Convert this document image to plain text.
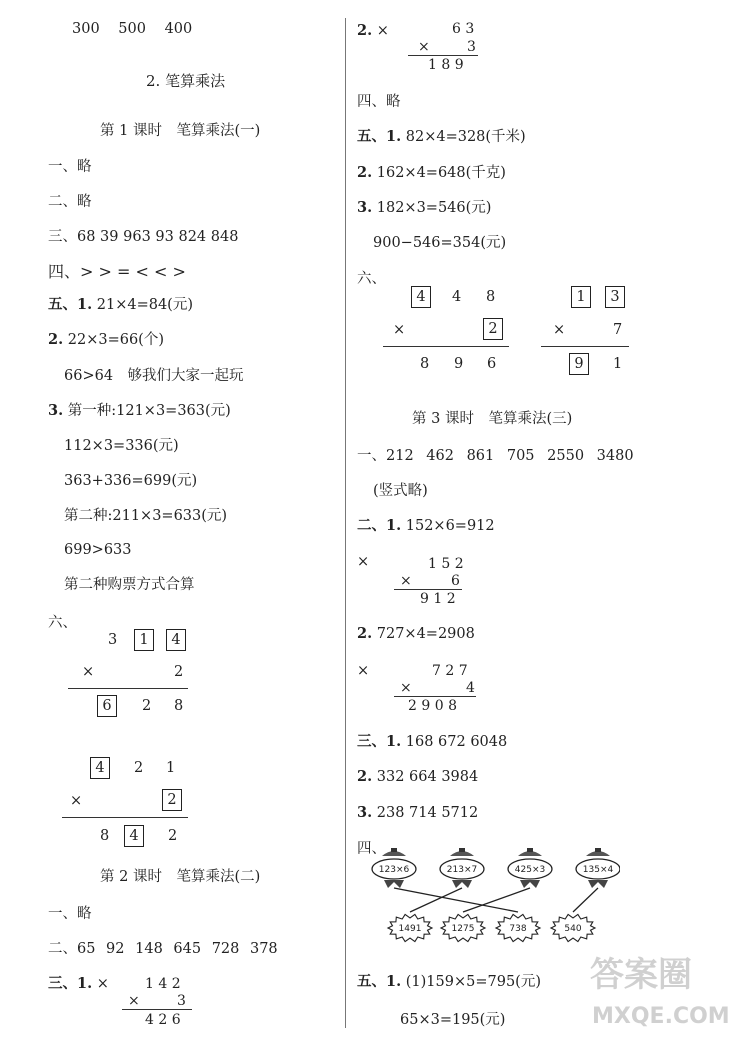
300 500 400
2. 笔算乘法
第 1 课时　笔算乘法(一)
一、略
二、略
三、68 39 963 93 824 848
四、> > = < < >
五、1. 21×4=84(元)
2. 22×3=66(个)
66>64　够我们大家一起玩
3. 第一种:121×3=363(元)
112×3=336(元)
363+336=699(元)
第二种:211×3=633(元)
699>633
第二种购票方式合算
六、
3	1	4
×	2
6	2 8
4	2 1
×	2
8	4	2
第 2 课时　笔算乘法(二)
一、略
二、65 92 148 645 728 378
三、1. ×	1 4 2
×	3
4 2 6
2. ×	6 3
×	3
1 8 9
四、略
五、1. 82×4=328(千米)
2. 162×4=648(千克)
3. 182×3=546(元)
900−546=354(元)
六、
4	4 8
×	2
8 9 6
1	3
×	7
9	1
第 3 课时　笔算乘法(三)
一、212 462 861 705 2550 3480
(竖式略)
二、1. 152×6=912
×	1 5 2
×	6
9 1 2
2. 727×4=2908
×	7 2 7
×	4
2 9 0 8
三、1. 168 672 6048
2. 332 664 3984
3. 238 714 5712
四、
123×6	213×7	425×3	135×4
1491	1275	738	540
五、1. (1)159×5=795(元)
65×3=195(元)
答案圈
MXQE.COM
